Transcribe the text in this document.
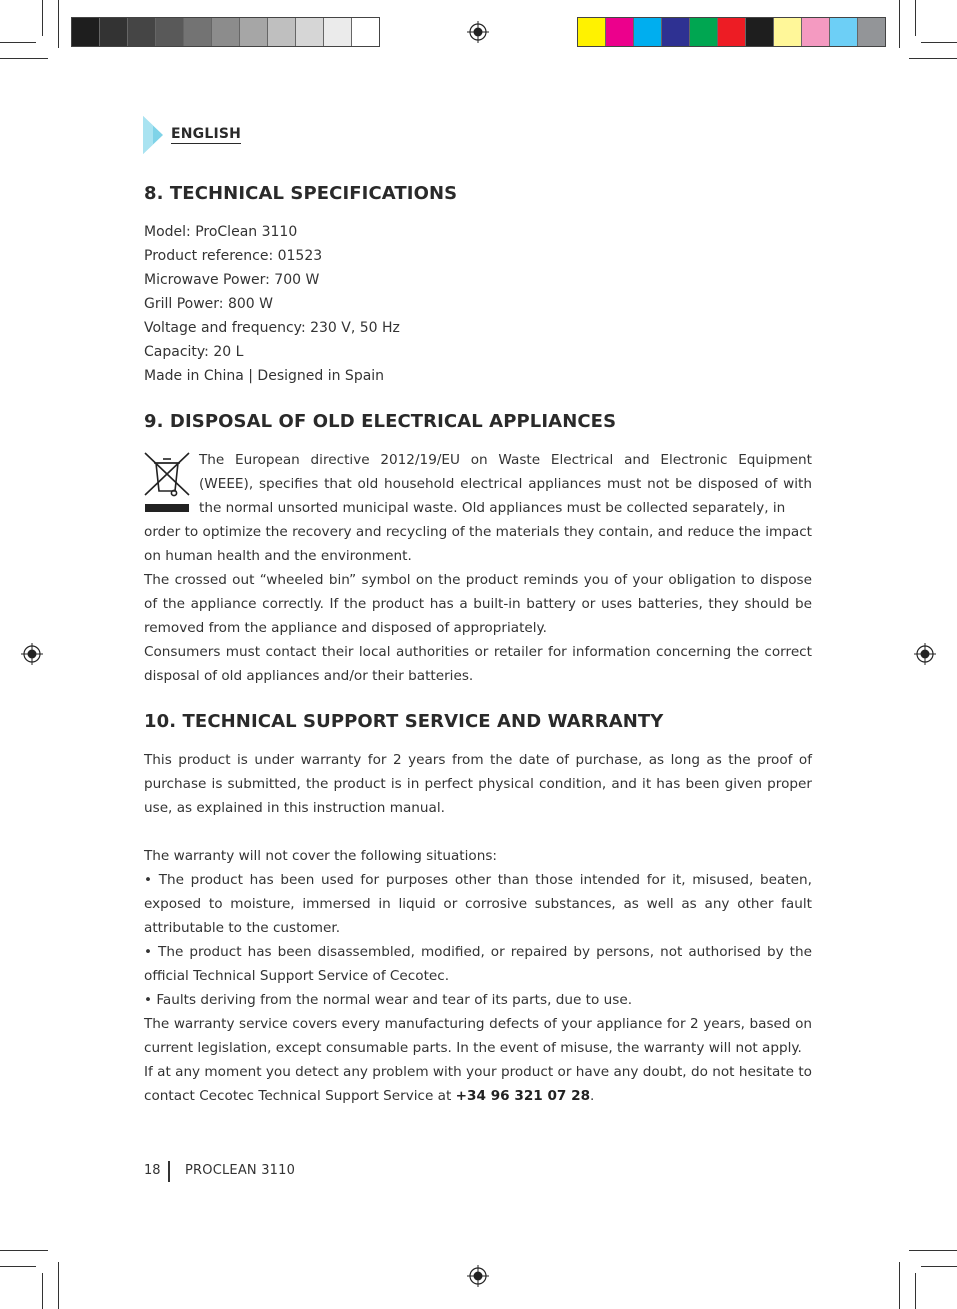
ENGLISH
8. TECHNICAL SPECIFICATIONS
Model: ProClean 3110
Product reference: 01523
Microwave Power: 700 W
Grill Power: 800 W
Voltage and frequency: 230 V, 50 Hz
Capacity: 20 L
Made in China | Designed in Spain
9. DISPOSAL OF OLD ELECTRICAL APPLIANCES
The European directive 2012/19/EU on Waste Electrical and Electronic Equipment (WEEE), specifies that old household electrical appliances must not be disposed of with the normal unsorted municipal waste. Old appliances must be collected separately, in

order to optimize the recovery and recycling of the materials they contain, and reduce the impact on human health and the environment.

The crossed out “wheeled bin” symbol on the product reminds you of your obligation to dispose of the appliance correctly. If the product has a built-in battery or uses batteries, they should be removed from the appliance and disposed of appropriately.

Consumers must contact their local authorities or retailer for information concerning the correct disposal of old appliances and/or their batteries.

10. TECHNICAL SUPPORT SERVICE AND WARRANTY

This product is under warranty for 2 years from the date of purchase, as long as the proof of purchase is submitted, the product is in perfect physical condition, and it has been given proper use, as explained in this instruction manual.

The warranty will not cover the following situations:

• The product has been used for purposes other than those intended for it, misused, beaten, exposed to moisture, immersed in liquid or corrosive substances, as well as any other fault attributable to the customer.

• The product has been disassembled, modified, or repaired by persons, not authorised by the official Technical Support Service of Cecotec.

• Faults deriving from the normal wear and tear of its parts, due to use.

The warranty service covers every manufacturing defects of your appliance for 2 years, based on current legislation, except consumable parts. In the event of misuse, the warranty will not apply.

If at any moment you detect any problem with your product or have any doubt, do not hesitate to contact Cecotec Technical Support Service at +34 96 321 07 28.

18 PROCLEAN 3110
